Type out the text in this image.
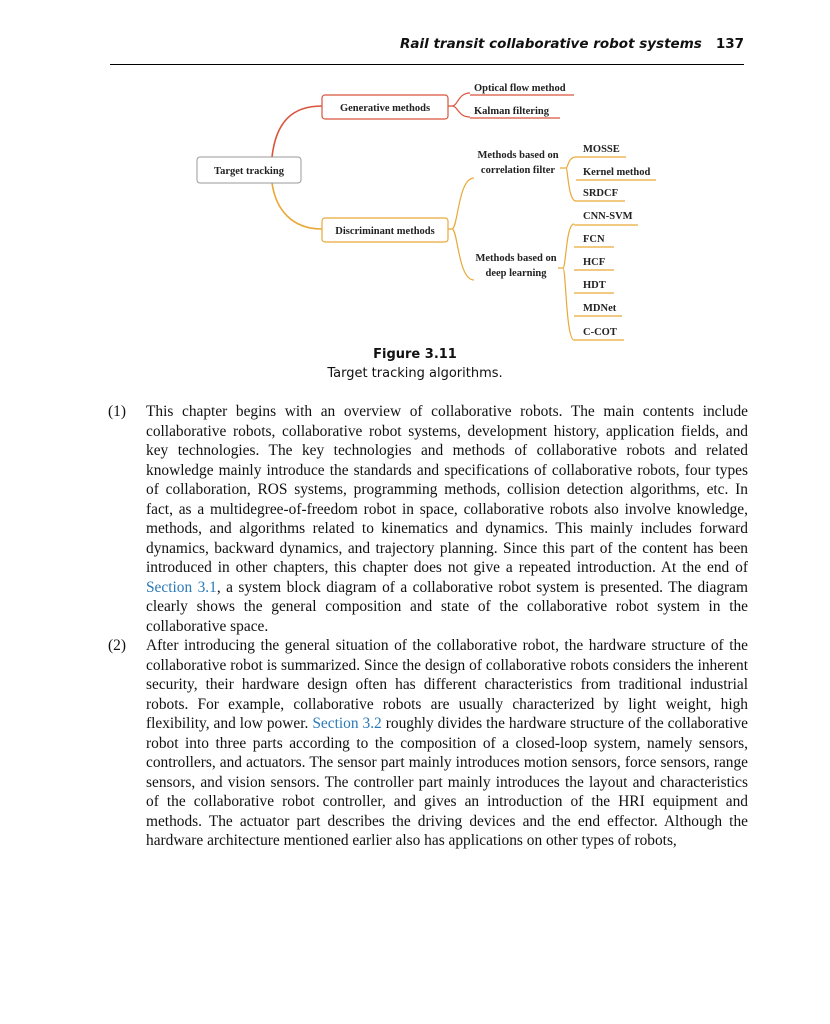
Rail transit collaborative robot systems 137
Target tracking
Generative methods
Discriminant methods
Optical flow method
Kalman filtering
Methods based on
correlation filter
Methods based on
deep learning
MOSSE
Kernel method
SRDCF
CNN-SVM
FCN
HCF
HDT
MDNet
C-COT
Figure 3.11
Target tracking algorithms.
(1) This chapter begins with an overview of collaborative robots. The main contents include collaborative robots, collaborative robot systems, development history, application fields, and key technologies. The key technologies and methods of collaborative robots and related knowledge mainly introduce the standards and specifications of collaborative robots, four types of collaboration, ROS systems, programming methods, collision detection algorithms, etc. In fact, as a multidegree-of-freedom robot in space, collaborative robots also involve knowledge, methods, and algorithms related to kinematics and dynamics. This mainly includes forward dynamics, backward dynamics, and trajectory planning. Since this part of the content has been introduced in other chapters, this chapter does not give a repeated introduction. At the end of Section 3.1, a system block diagram of a collaborative robot system is presented. The diagram clearly shows the general composition and state of the collaborative robot system in the collaborative space.
(2) After introducing the general situation of the collaborative robot, the hardware structure of the collaborative robot is summarized. Since the design of collaborative robots considers the inherent security, their hardware design often has different characteristics from traditional industrial robots. For example, collaborative robots are usually characterized by light weight, high flexibility, and low power. Section 3.2 roughly divides the hardware structure of the collaborative robot into three parts according to the composition of a closed-loop system, namely sensors, controllers, and actuators. The sensor part mainly introduces motion sensors, force sensors, range sensors, and vision sensors. The controller part mainly introduces the layout and characteristics of the collaborative robot controller, and gives an introduction of the HRI equipment and methods. The actuator part describes the driving devices and the end effector. Although the hardware architecture mentioned earlier also has applications on other types of robots,
